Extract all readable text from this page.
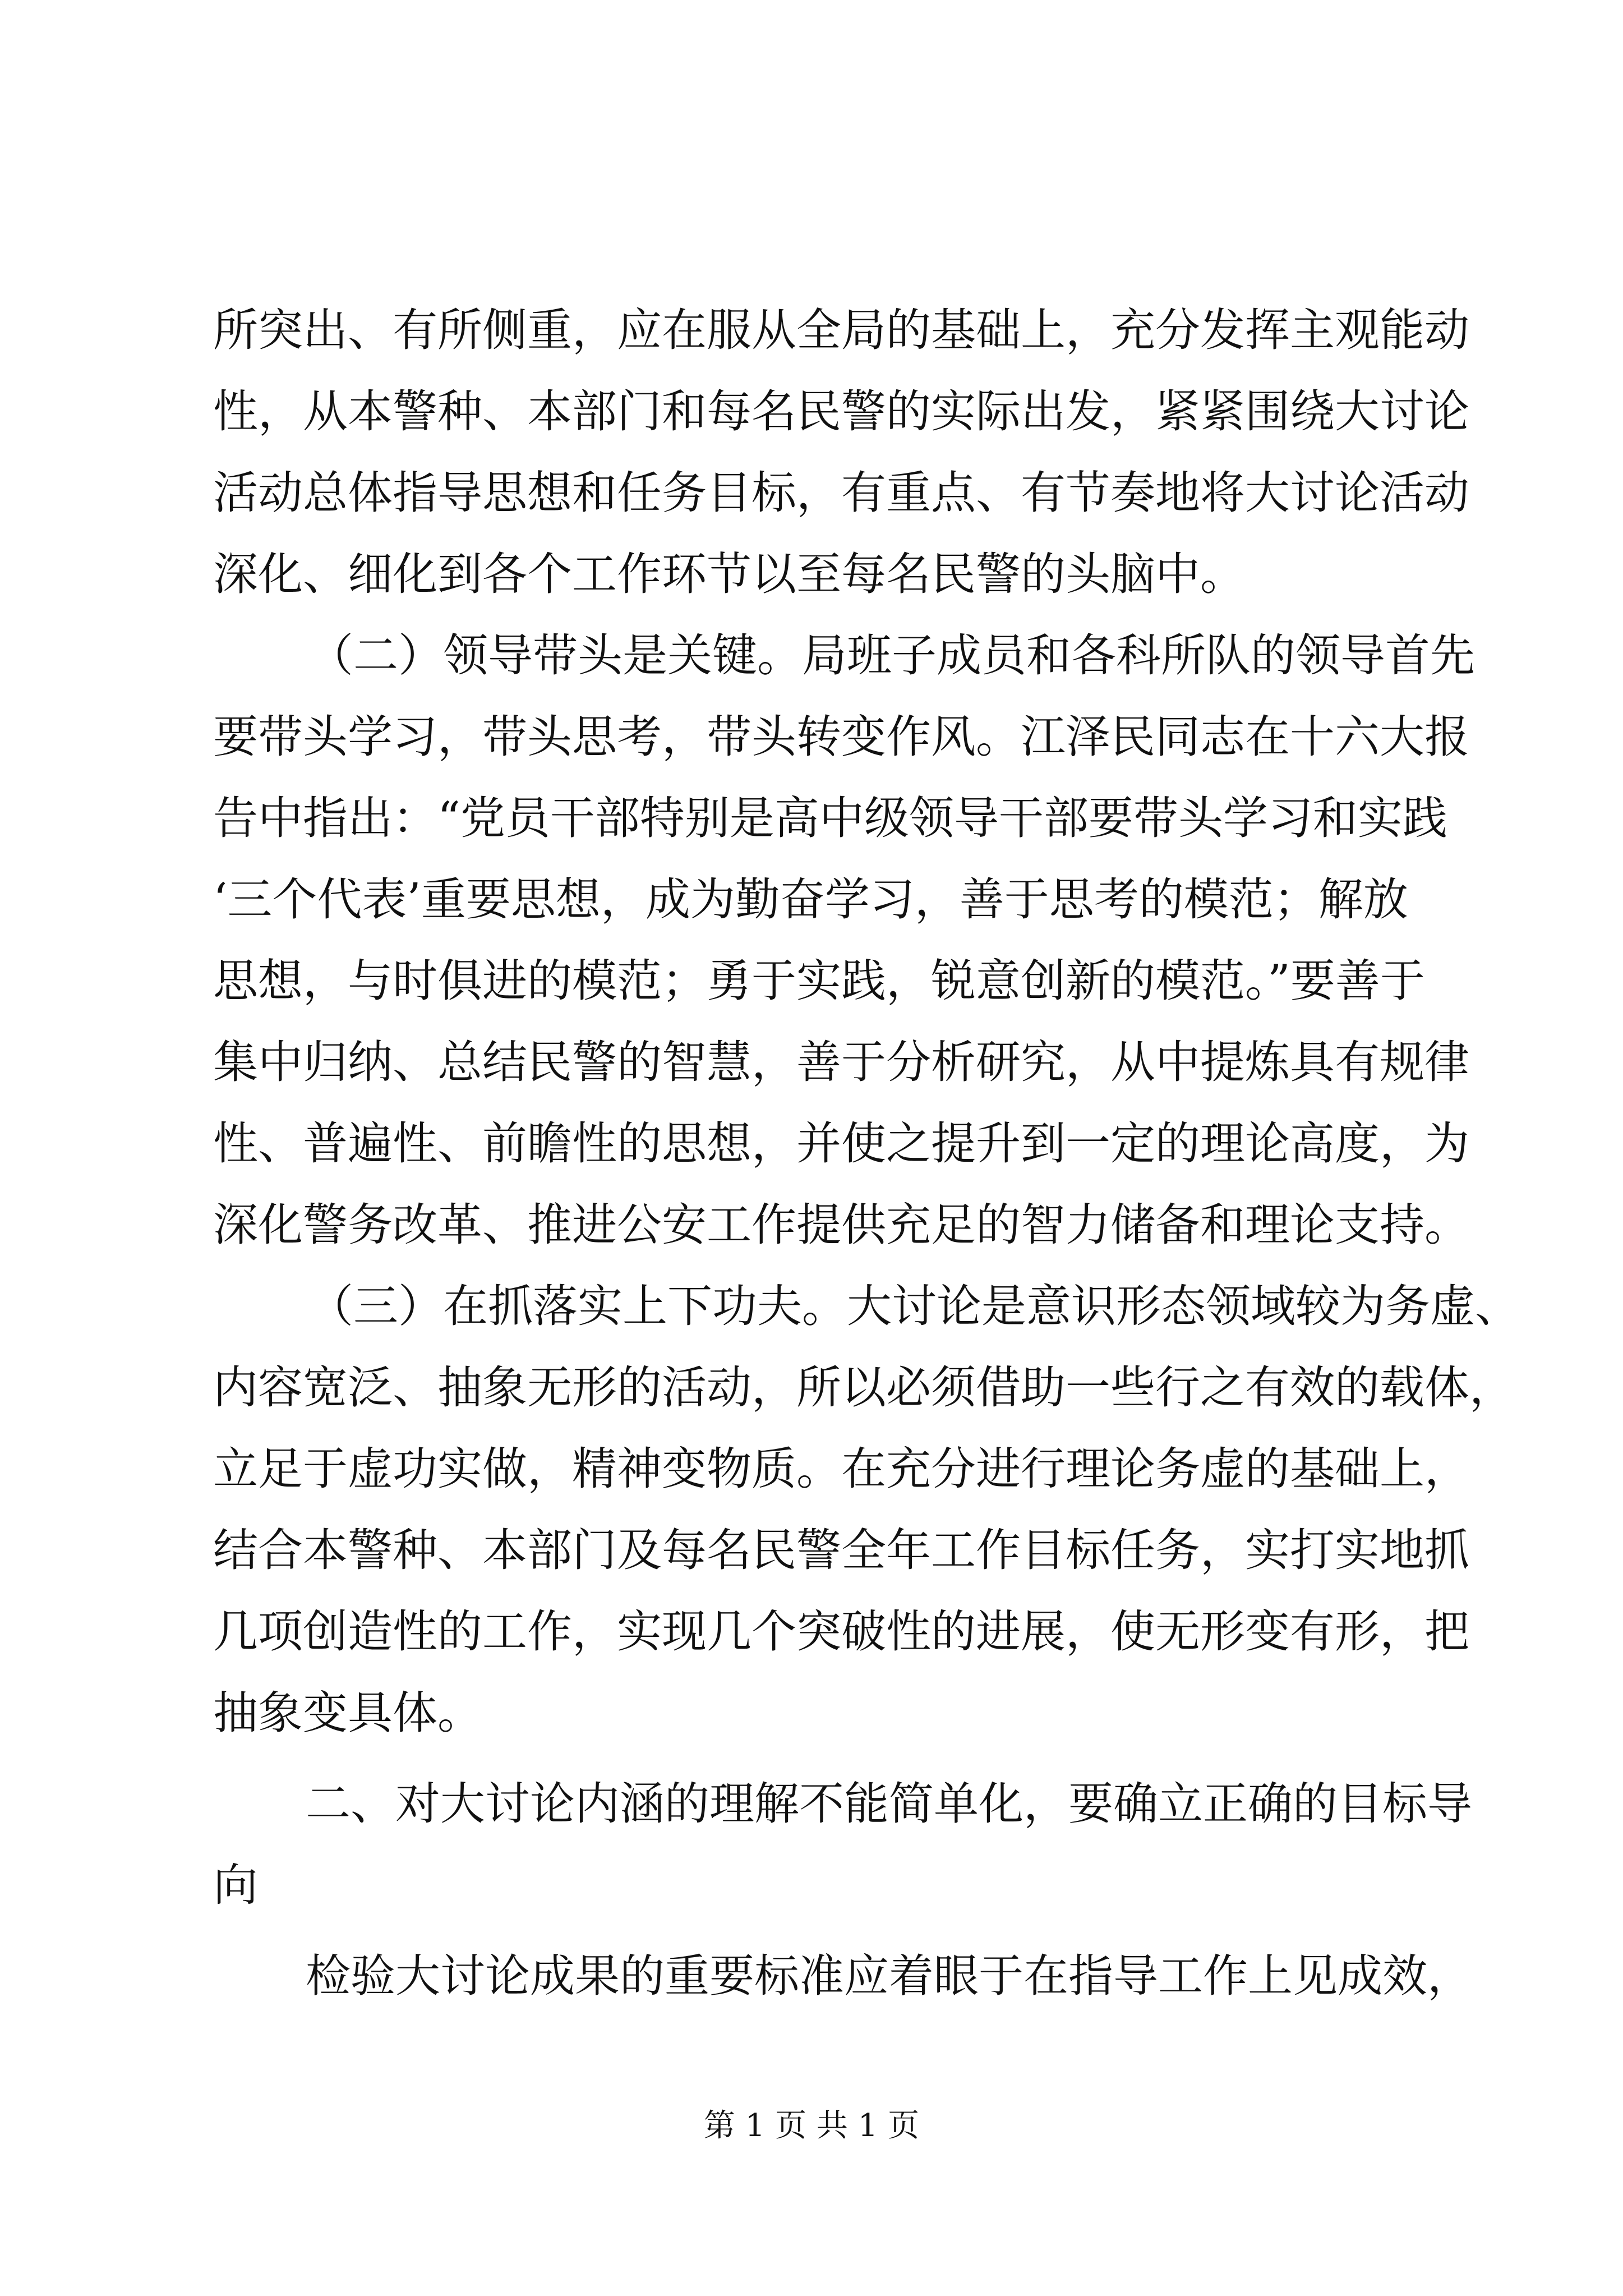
所突出、有所侧重，应在服从全局的基础上，充分发挥主观能动
性，从本警种、本部门和每名民警的实际出发，紧紧围绕大讨论
活动总体指导思想和任务目标，有重点、有节奏地将大讨论活动
深化、细化到各个工作环节以至每名民警的头脑中。
（二）领导带头是关键。局班子成员和各科所队的领导首先
要带头学习，带头思考，带头转变作风。江泽民同志在十六大报
告中指出：“党员干部特别是高中级领导干部要带头学习和实践
‘三个代表’重要思想，成为勤奋学习，善于思考的模范；解放
思想，与时俱进的模范；勇于实践，锐意创新的模范。”要善于
集中归纳、总结民警的智慧，善于分析研究，从中提炼具有规律
性、普遍性、前瞻性的思想，并使之提升到一定的理论高度，为
深化警务改革、推进公安工作提供充足的智力储备和理论支持。
（三）在抓落实上下功夫。大讨论是意识形态领域较为务虚、
内容宽泛、抽象无形的活动，所以必须借助一些行之有效的载体，
立足于虚功实做，精神变物质。在充分进行理论务虚的基础上，
结合本警种、本部门及每名民警全年工作目标任务，实打实地抓
几项创造性的工作，实现几个突破性的进展，使无形变有形，把
抽象变具体。
二、对大讨论内涵的理解不能简单化，要确立正确的目标导
向
检验大讨论成果的重要标准应着眼于在指导工作上见成效，
第 1 页 共 1 页
